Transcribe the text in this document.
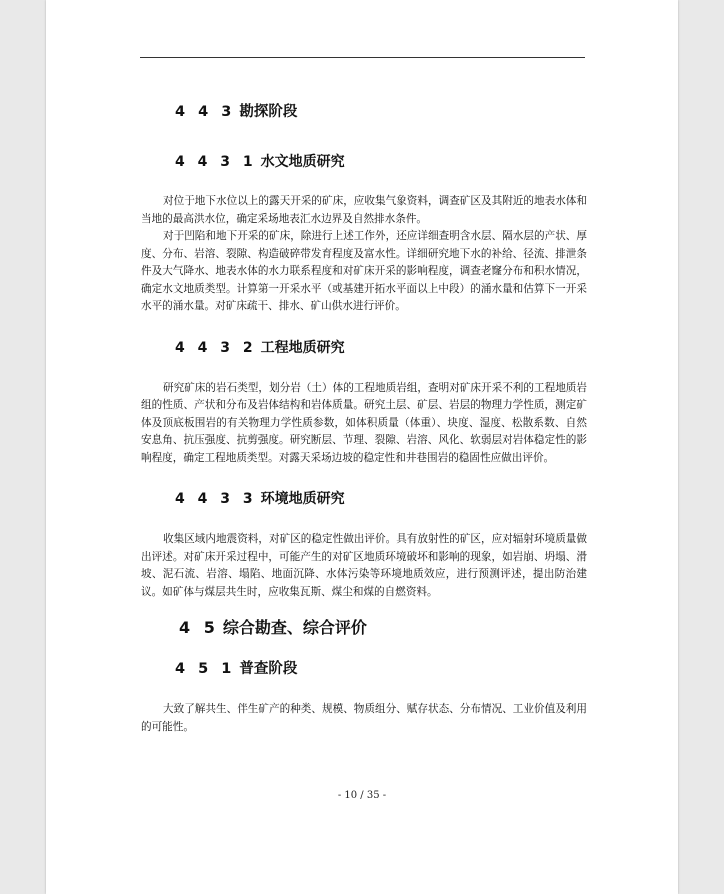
4 4 3 勘探阶段
4 4 3 1 水文地质研究

对位于地下水位以上的露天开采的矿床，应收集气象资料，调查矿区及其附近的地表水体和当地的最高洪水位，确定采场地表汇水边界及自然排水条件。

对于凹陷和地下开采的矿床，除进行上述工作外，还应详细查明含水层、隔水层的产状、厚度、分布、岩溶、裂隙、构造破碎带发育程度及富水性。详细研究地下水的补给、径流、排泄条件及大气降水、地表水体的水力联系程度和对矿床开采的影响程度，调查老窿分布和积水情况，确定水文地质类型。计算第一开采水平（或基建开拓水平面以上中段）的涌水量和估算下一开采水平的涌水量。对矿床疏干、排水、矿山供水进行评价。

4 4 3 2 工程地质研究

研究矿床的岩石类型，划分岩（土）体的工程地质岩组，查明对矿床开采不利的工程地质岩组的性质、产状和分布及岩体结构和岩体质量。研究土层、矿层、岩层的物理力学性质，测定矿体及顶底板围岩的有关物理力学性质参数，如体积质量（体重）、块度、湿度、松散系数、自然安息角、抗压强度、抗剪强度。研究断层、节理、裂隙、岩溶、风化、软弱层对岩体稳定性的影响程度，确定工程地质类型。对露天采场边坡的稳定性和井巷围岩的稳固性应做出评价。

4 4 3 3 环境地质研究

收集区域内地震资料，对矿区的稳定性做出评价。具有放射性的矿区，应对辐射环境质量做出评述。对矿床开采过程中，可能产生的对矿区地质环境破坏和影响的现象，如岩崩、坍塌、滑坡、泥石流、岩溶、塌陷、地面沉降、水体污染等环境地质效应，进行预测评述，提出防治建议。如矿体与煤层共生时，应收集瓦斯、煤尘和煤的自燃资料。

4 5 综合勘查、综合评价
4 5 1 普查阶段

大致了解共生、伴生矿产的种类、规模、物质组分、赋存状态、分布情况、工业价值及利用的可能性。

- 10 / 35 -
